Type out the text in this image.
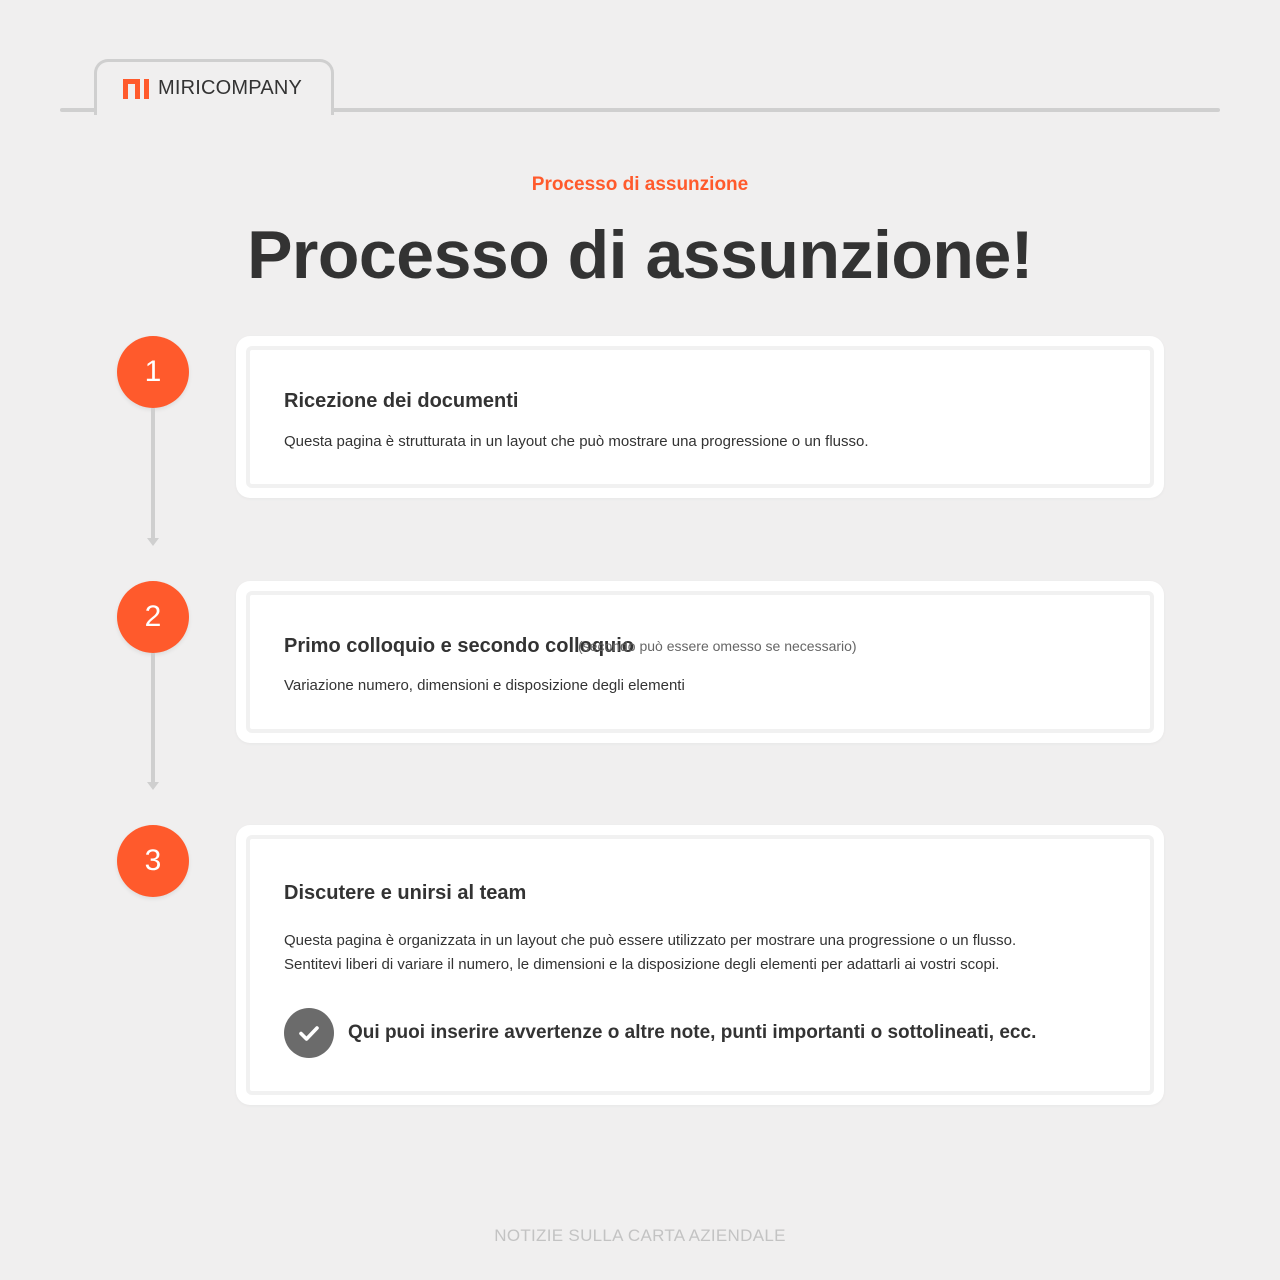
MIRICOMPANY
Processo di assunzione
Processo di assunzione!
1
2
3
Ricezione dei documenti
Questa pagina è strutturata in un layout che può mostrare una progressione o un flusso.
Primo colloquio e secondo colloquio
(secondo può essere omesso se necessario)
Variazione numero, dimensioni e disposizione degli elementi
Discutere e unirsi al team
Questa pagina è organizzata in un layout che può essere utilizzato per mostrare una progressione o un flusso.
Sentitevi liberi di variare il numero, le dimensioni e la disposizione degli elementi per adattarli ai vostri scopi.
Qui puoi inserire avvertenze o altre note, punti importanti o sottolineati, ecc.
NOTIZIE SULLA CARTA AZIENDALE
